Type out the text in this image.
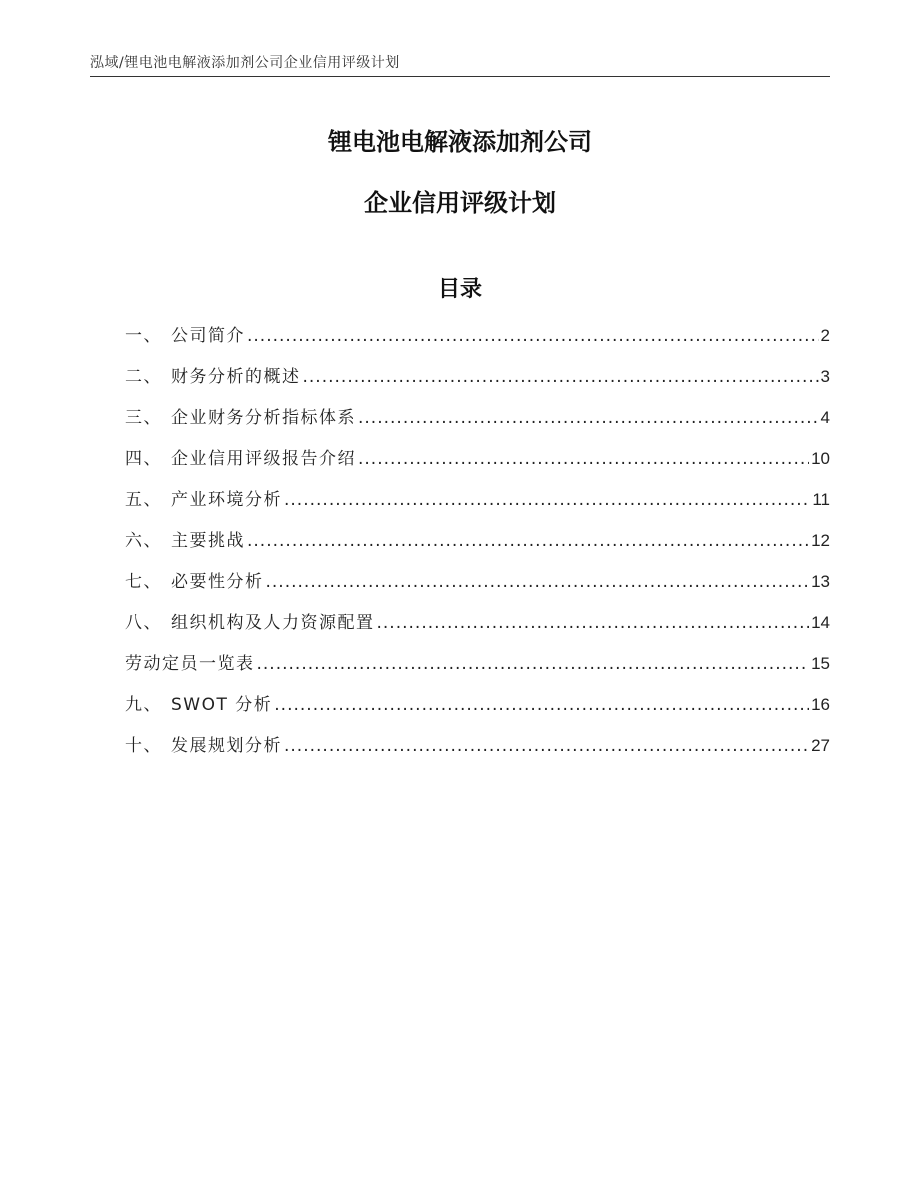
泓域/锂电池电解液添加剂公司企业信用评级计划
锂电池电解液添加剂公司
企业信用评级计划
目录
一、 公司简介 .....	2
二、 财务分析的概述 .....	3
三、 企业财务分析指标体系 .....	4
四、 企业信用评级报告介绍 .....	10
五、 产业环境分析 .....	11
六、 主要挑战 .....	12
七、 必要性分析 .....	13
八、 组织机构及人力资源配置 .....	14
劳动定员一览表 .....	15
九、 SWOT 分析 .....	16
十、 发展规划分析 .....	27
